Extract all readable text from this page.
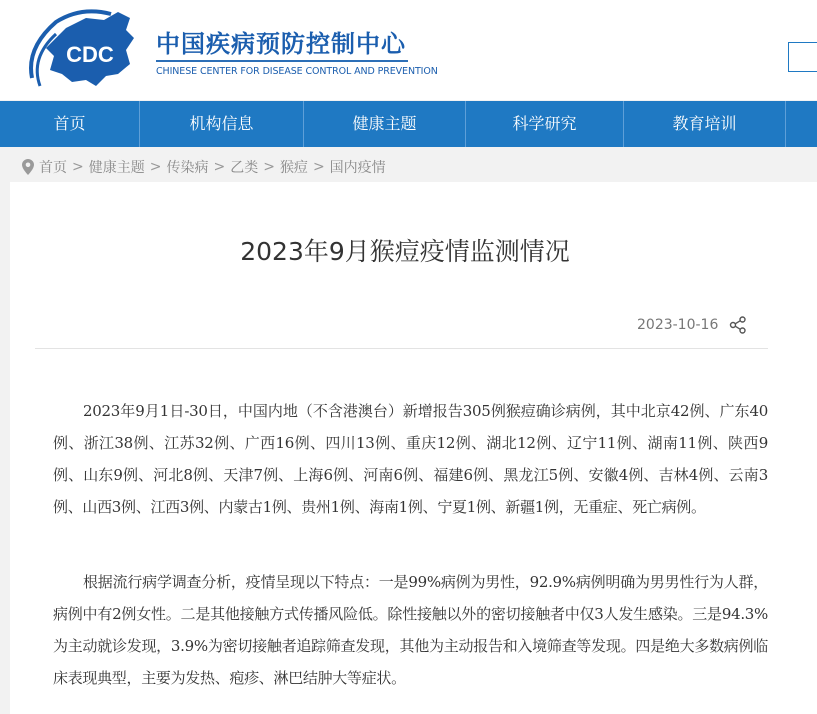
CDC 中国疾病预防控制中心
CHINESE CENTER FOR DISEASE CONTROL AND PREVENTION
首页	机构信息	健康主题	科学研究	教育培训
首页 > 健康主题 > 传染病 > 乙类 > 猴痘 > 国内疫情
2023年9月猴痘疫情监测情况
2023-10-16

2023年9月1日-30日，中国内地（不含港澳台）新增报告305例猴痘确诊病例，其中北京42例、广东40例、浙江38例、江苏32例、广西16例、四川13例、重庆12例、湖北12例、辽宁11例、湖南11例、陕西9例、山东9例、河北8例、天津7例、上海6例、河南6例、福建6例、黑龙江5例、安徽4例、吉林4例、云南3例、山西3例、江西3例、内蒙古1例、贵州1例、海南1例、宁夏1例、新疆1例，无重症、死亡病例。

根据流行病学调查分析，疫情呈现以下特点：一是99%病例为男性，92.9%病例明确为男男性行为人群，病例中有2例女性。二是其他接触方式传播风险低。除性接触以外的密切接触者中仅3人发生感染。三是94.3%为主动就诊发现，3.9%为密切接触者追踪筛查发现，其他为主动报告和入境筛查等发现。四是绝大多数病例临床表现典型，主要为发热、疱疹、淋巴结肿大等症状。
